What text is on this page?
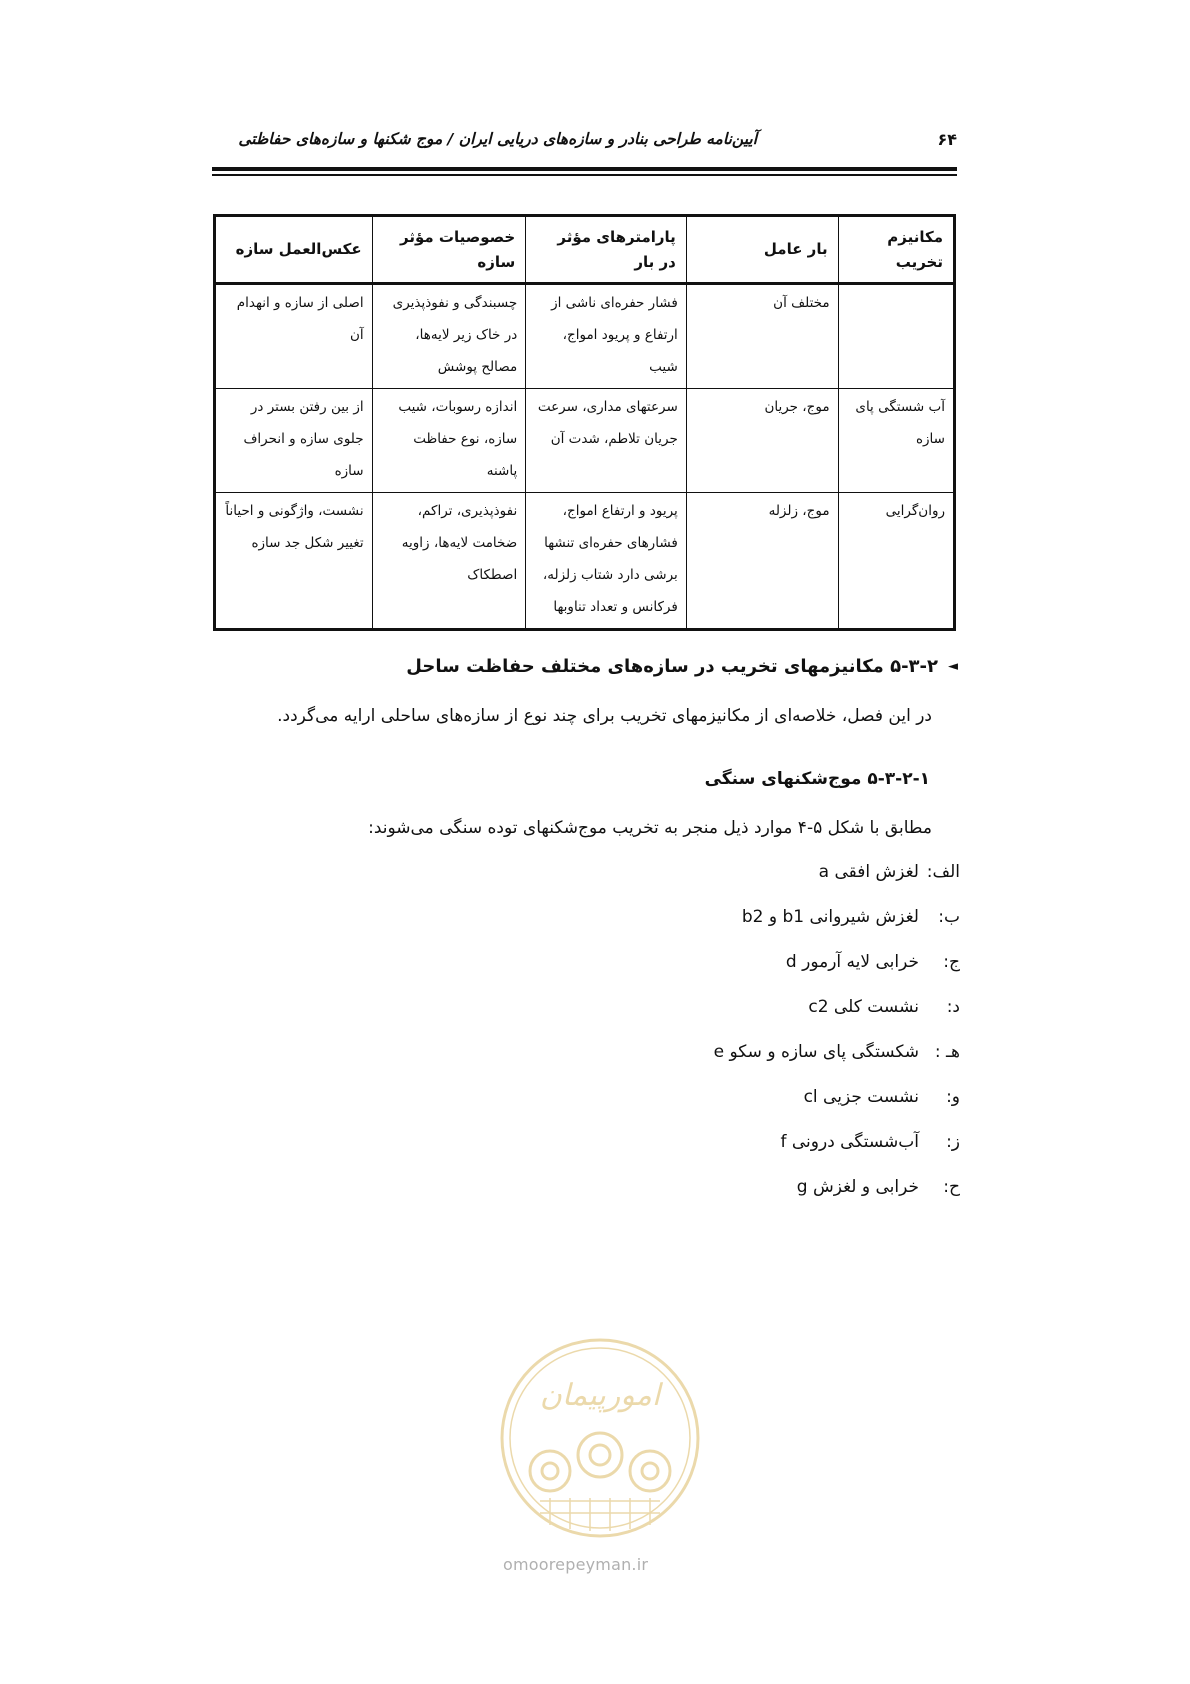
آیین‌نامه طراحی بنادر و سازه‌های دریایی ایران / موج شکنها و سازه‌های حفاظتی	۶۴
مکانیزم تخریب	بار عامل	پارامترهای مؤثر در بار	خصوصیات مؤثر سازه	عکس‌العمل سازه

	مختلف آن	فشار حفره‌ای ناشی از ارتفاع و پریود امواج، شیب	چسبندگی و نفوذپذیری در خاک زیر لایه‌ها، مصالح پوشش	اصلی از سازه و انهدام آن

آب شستگی پای سازه	موج، جریان	سرعتهای مداری، سرعت جریان تلاطم، شدت آن	اندازه رسوبات، شیب سازه، نوع حفاظت پاشنه	از بین رفتن بستر در جلوی سازه و انحراف سازه

روان‌گرایی	موج، زلزله	پریود و ارتفاع امواج، فشارهای حفره‌ای تنشها برشی دارد شتاب زلزله، فرکانس و تعداد تناوبها	نفوذپذیری، تراکم، ضخامت لایه‌ها، زاویه اصطکاک	نشست، واژگونی و احیاناً تغییر شکل جد سازه
◄۵-۳-۲ مکانیزمهای تخریب در سازه‌های مختلف حفاظت ساحل
در این فصل، خلاصه‌ای از مکانیزمهای تخریب برای چند نوع از سازه‌های ساحلی ارایه می‌گردد.
۵-۳-۲-۱ موج‌شکنهای سنگی
مطابق با شکل ۵-۴ موارد ذیل منجر به تخریب موج‌شکنهای توده سنگی می‌شوند:
الف:لغزش افقی a
ب:لغزش شیروانی b1 و b2
ج:خرابی لایه آرمور d
د:نشست کلی c2
هـ :شکستگی پای سازه و سکو e
و:نشست جزیی cl
ز:آب‌شستگی درونی f
ح:خرابی و لغزش g
امورپیمان
omoorepeyman.ir
